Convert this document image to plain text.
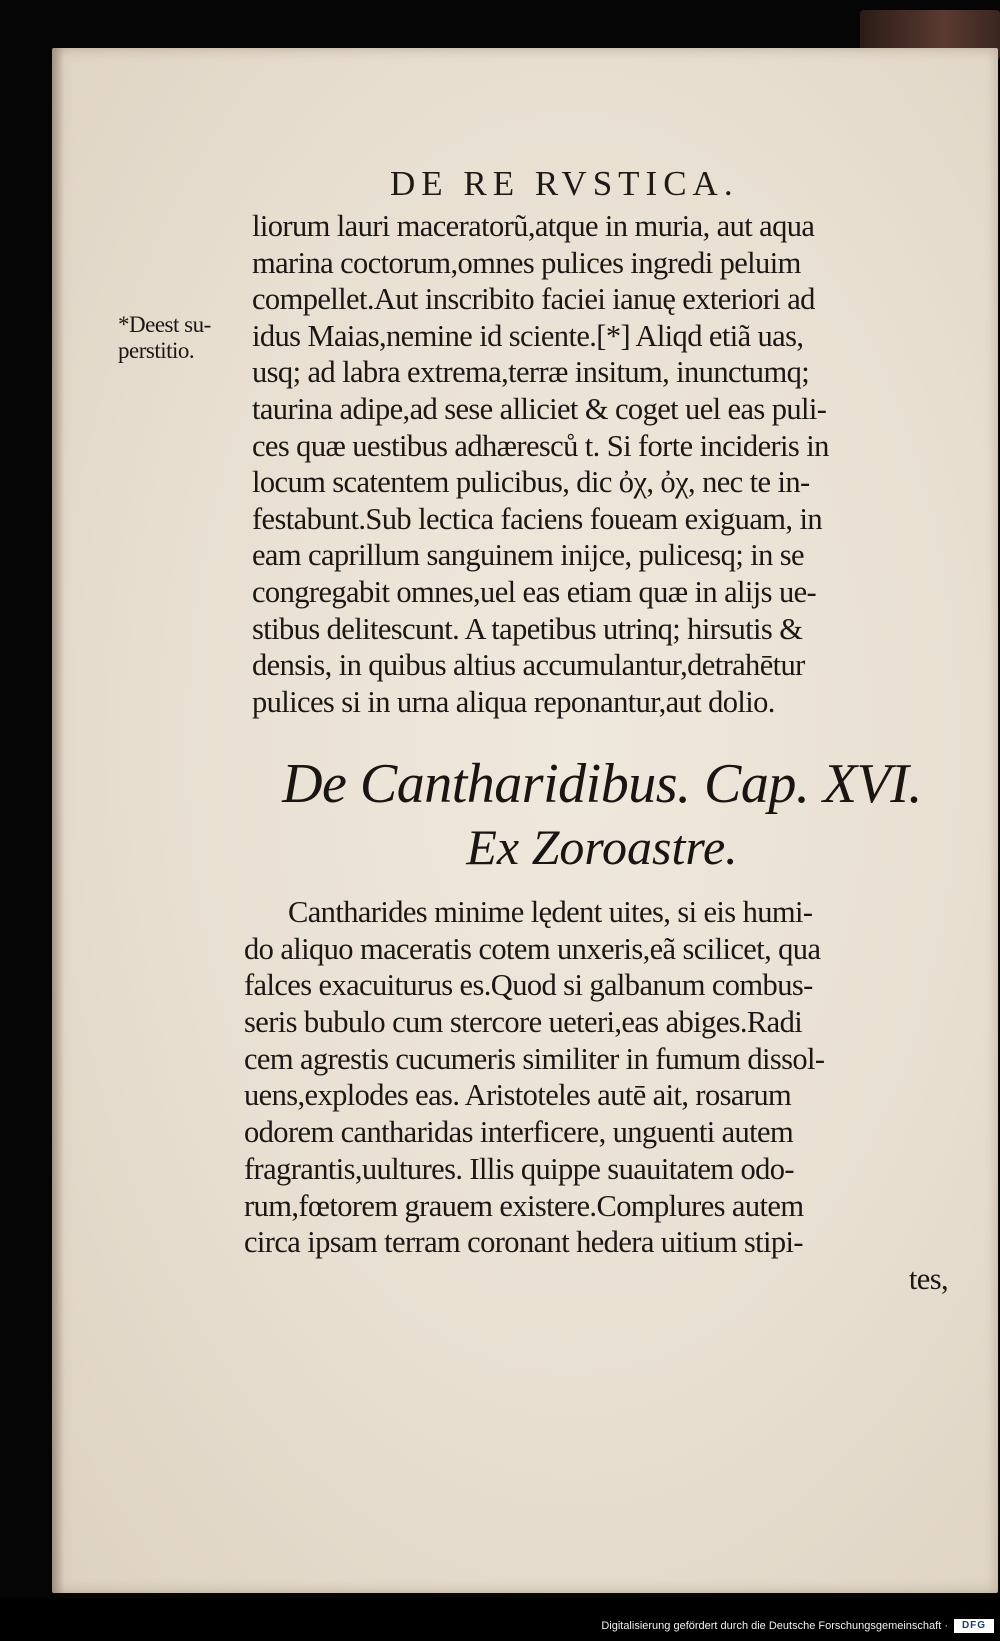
DE RE RVSTICA.
*Deest su-
perstitio.
liorum lauri maceratorũ,atque in muria, aut aqua
marina coctorum,omnes pulices ingredi peluim
compellet.Aut inscribito faciei ianuę exteriori ad
idus Maias,nemine id sciente.[*] Aliqd etiã uas,
usq; ad labra extrema,terræ insitum, inunctumq;
taurina adipe,ad sese alliciet & coget uel eas puli-
ces quæ uestibus adhæresců t. Si forte incideris in
locum scatentem pulicibus, dic ὀχ, ὀχ, nec te in-
festabunt.Sub lectica faciens foueam exiguam, in
eam caprillum sanguinem inijce, pulicesq; in se
congregabit omnes,uel eas etiam quæ in alijs ue-
stibus delitescunt. A tapetibus utrinq; hirsutis &
densis, in quibus altius accumulantur,detrahētur
pulices si in urna aliqua reponantur,aut dolio.
De Cantharidibus. Cap. XVI.
Ex Zoroastre.
Cantharides minime lędent uites, si eis humi-
do aliquo maceratis cotem unxeris,eã scilicet, qua
falces exacuiturus es.Quod si galbanum combus-
seris bubulo cum stercore ueteri,eas abiges.Radi
cem agrestis cucumeris similiter in fumum dissol-
uens,explodes eas. Aristoteles autē ait, rosarum
odorem cantharidas interficere, unguenti autem
fragrantis,uultures. Illis quippe suauitatem odo-
rum,fœtorem grauem existere.Complures autem
circa ipsam terram coronant hedera uitium stipi-
tes,
Digitalisierung gefördert durch die Deutsche Forschungsgemeinschaft ·	DFG
